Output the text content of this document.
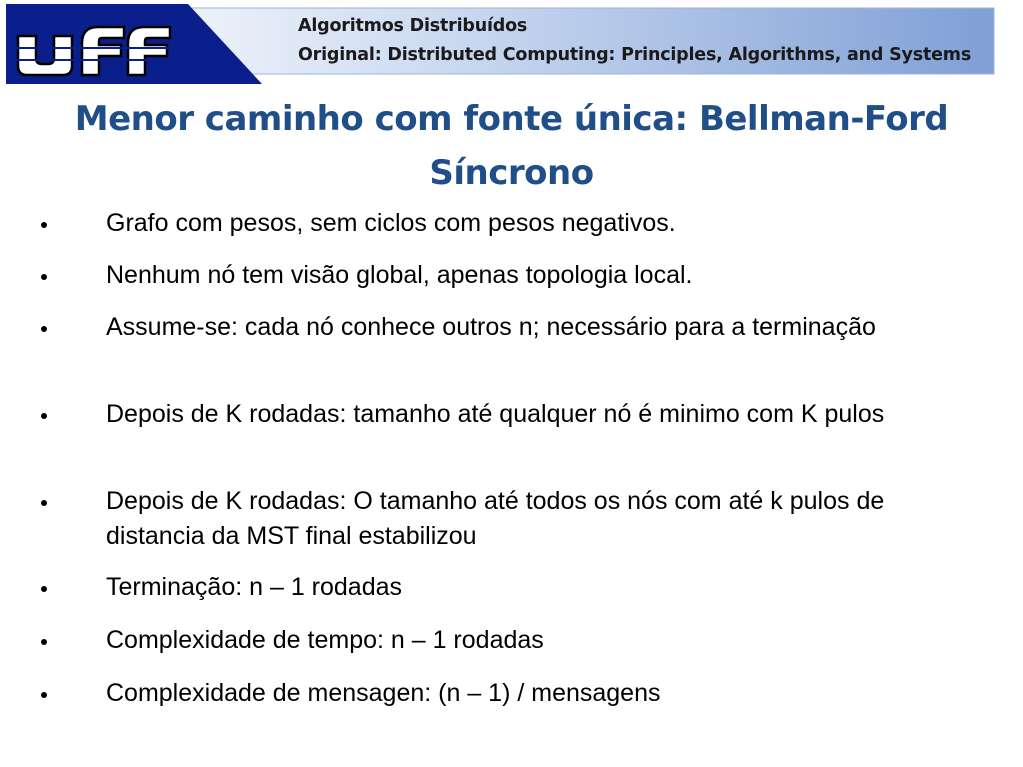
Algoritmos Distribuídos
Original: Distributed Computing: Principles, Algorithms, and Systems
Menor caminho com fonte única: Bellman-Ford
Síncrono
Grafo com pesos, sem ciclos com pesos negativos.
Nenhum nó tem visão global, apenas topologia local.
Assume-se: cada nó conhece outros n; necessário para a terminação
Depois de K rodadas: tamanho até qualquer nó é minimo com K pulos
Depois de K rodadas: O tamanho até todos os nós com até k pulos de distancia da MST final estabilizou
Terminação: n – 1 rodadas
Complexidade de tempo: n – 1 rodadas
Complexidade de mensagen: (n – 1) / mensagens
